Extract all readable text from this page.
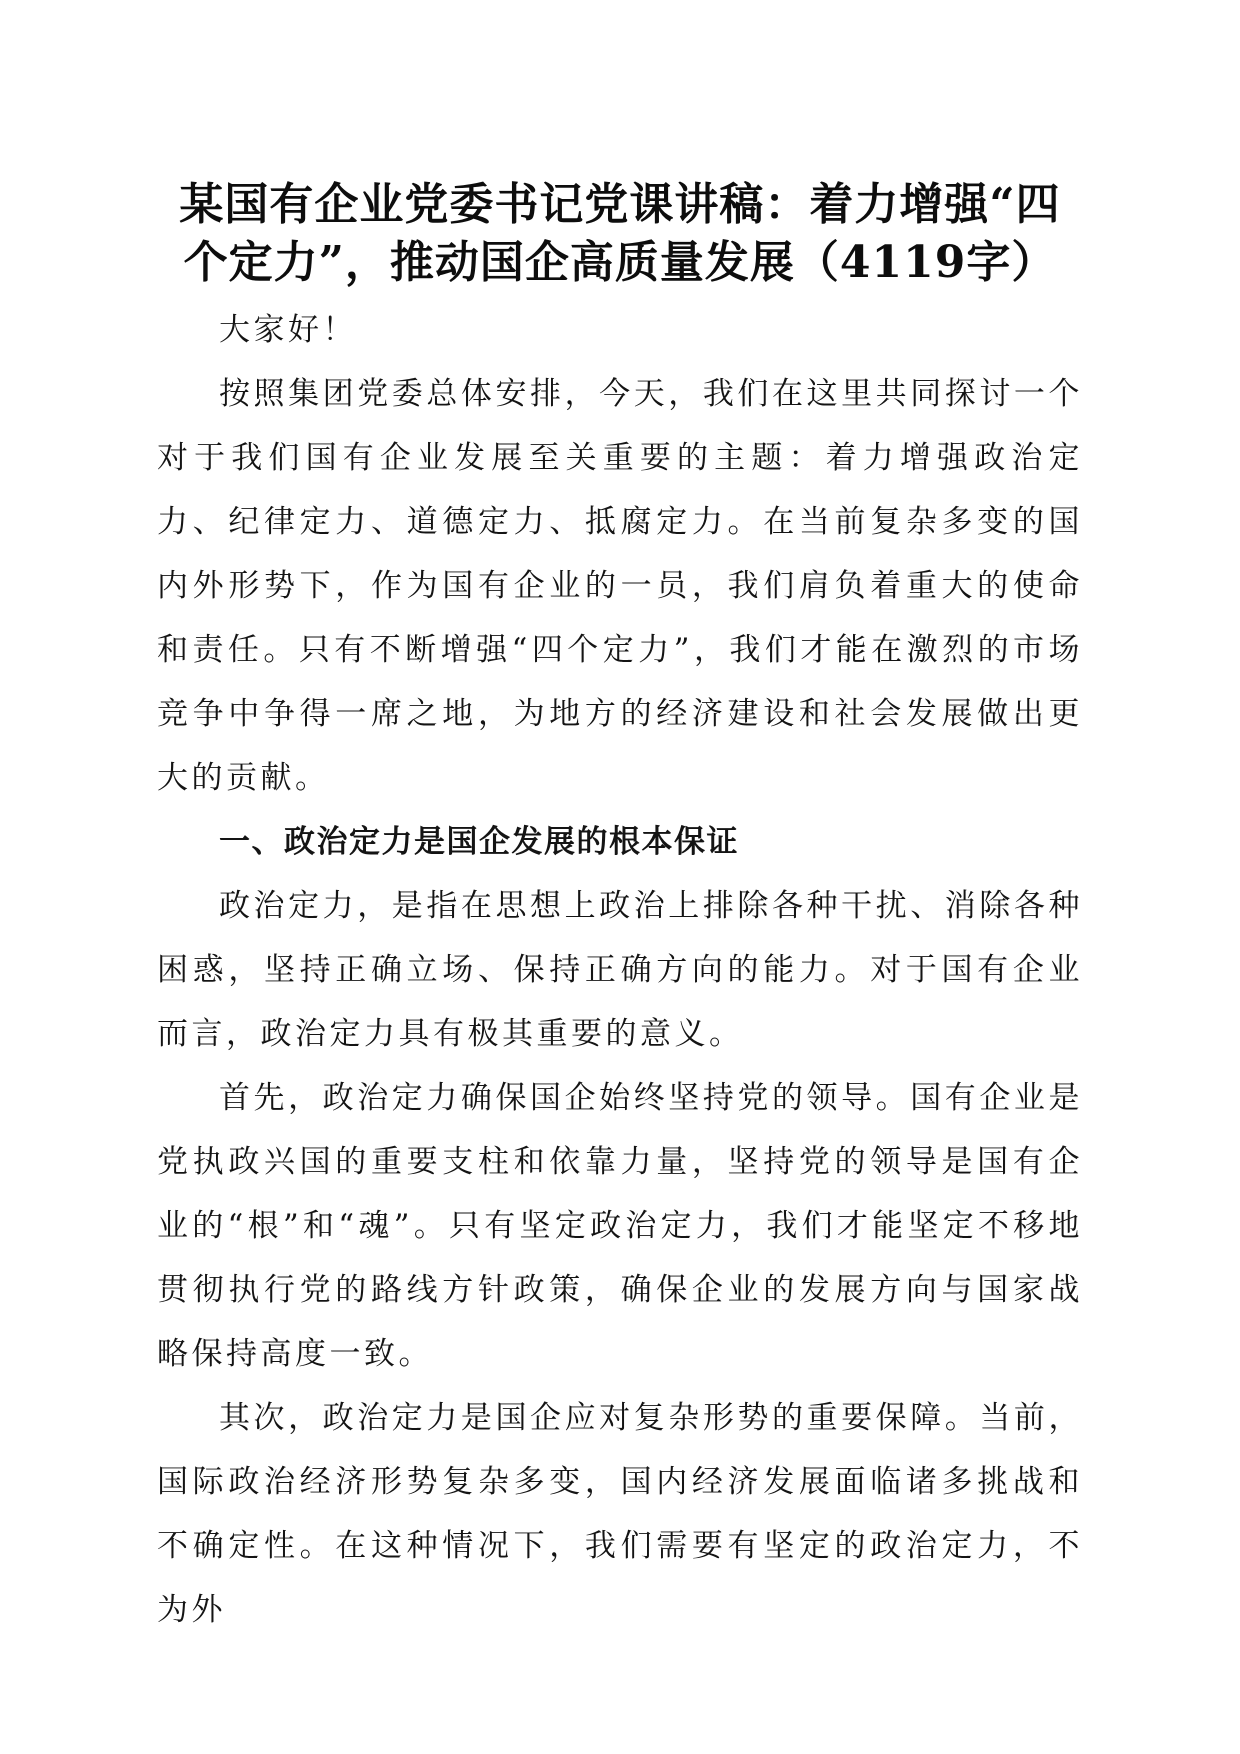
某国有企业党委书记党课讲稿：着力增强“四个定力”，推动国企高质量发展（4119字）

大家好！

按照集团党委总体安排，今天，我们在这里共同探讨一个对于我们国有企业发展至关重要的主题：着力增强政治定力、纪律定力、道德定力、抵腐定力。在当前复杂多变的国内外形势下，作为国有企业的一员，我们肩负着重大的使命和责任。只有不断增强“四个定力”，我们才能在激烈的市场竞争中争得一席之地，为地方的经济建设和社会发展做出更大的贡献。

一、政治定力是国企发展的根本保证

政治定力，是指在思想上政治上排除各种干扰、消除各种困惑，坚持正确立场、保持正确方向的能力。对于国有企业而言，政治定力具有极其重要的意义。

首先，政治定力确保国企始终坚持党的领导。国有企业是党执政兴国的重要支柱和依靠力量，坚持党的领导是国有企业的“根”和“魂”。只有坚定政治定力，我们才能坚定不移地贯彻执行党的路线方针政策，确保企业的发展方向与国家战略保持高度一致。

其次，政治定力是国企应对复杂形势的重要保障。当前，国际政治经济形势复杂多变，国内经济发展面临诸多挑战和不确定性。在这种情况下，我们需要有坚定的政治定力，不为外
